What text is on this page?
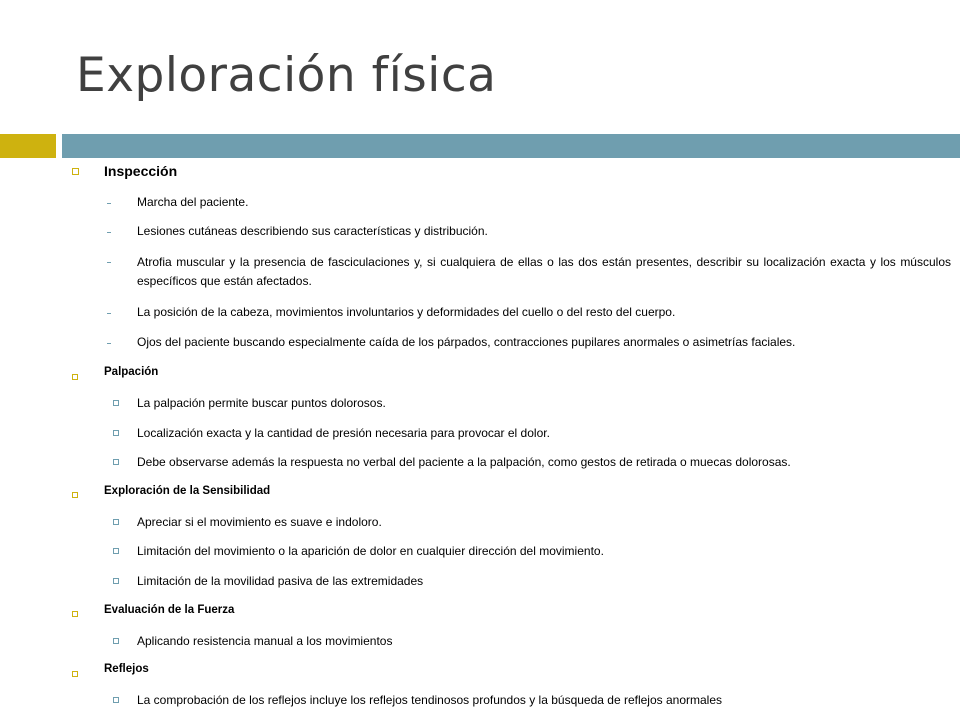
Exploración física
Inspección
Marcha del paciente.
Lesiones cutáneas describiendo sus características y distribución.
Atrofia muscular y la presencia de fasciculaciones y, si cualquiera de ellas o las dos están presentes, describir su localización exacta y los músculos específicos que están afectados.
La posición de la cabeza, movimientos involuntarios y deformidades del cuello o del resto del cuerpo.
Ojos del paciente buscando especialmente caída de los párpados, contracciones pupilares anormales o asimetrías faciales.
Palpación
La palpación permite buscar puntos dolorosos.
Localización exacta y la cantidad de presión necesaria para provocar el dolor.
Debe observarse además la respuesta no verbal del paciente a la palpación, como gestos de retirada o muecas dolorosas.
Exploración de la Sensibilidad
Apreciar si el movimiento es suave e indoloro.
Limitación del movimiento o la aparición de dolor en cualquier dirección del movimiento.
Limitación de la movilidad pasiva de las extremidades
Evaluación de la Fuerza
Aplicando resistencia manual a los movimientos
Reflejos
La comprobación de los reflejos incluye los reflejos tendinosos profundos y la búsqueda de reflejos anormales
